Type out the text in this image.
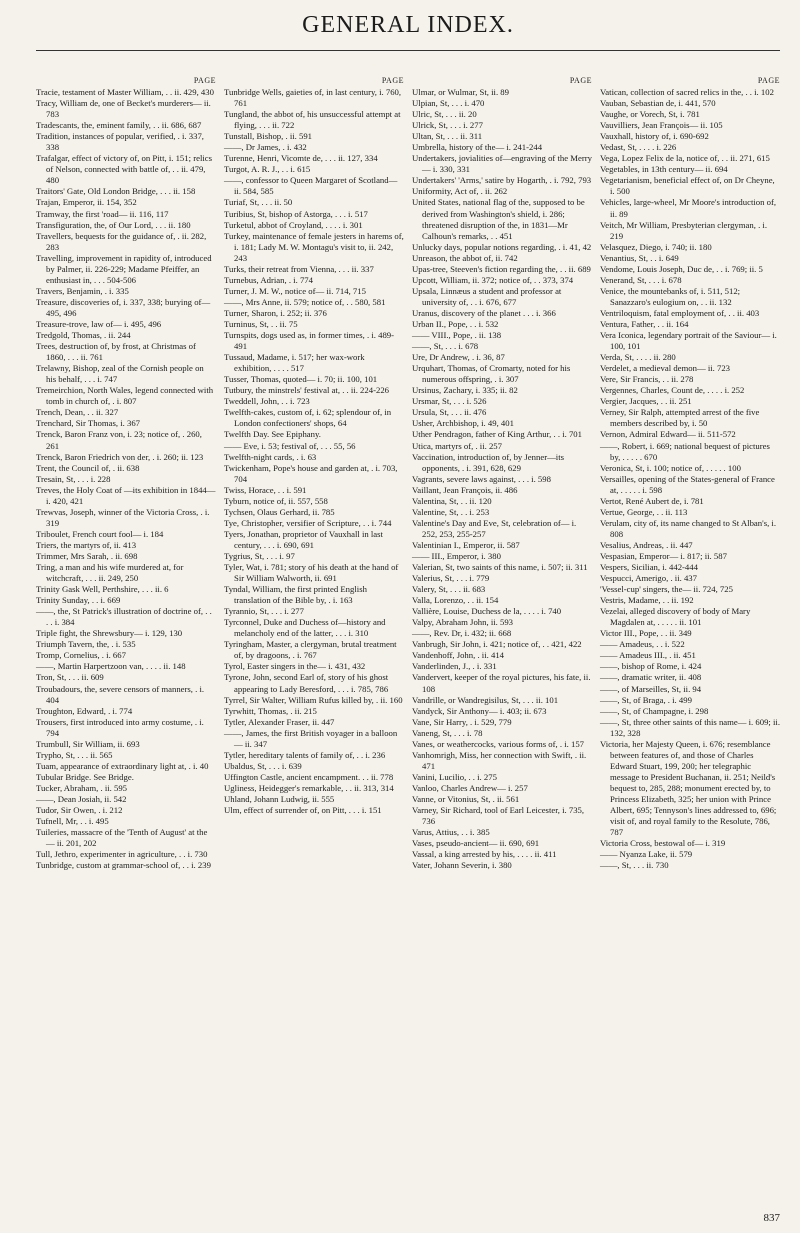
GENERAL INDEX.
PAGE
Tracie, testament of Master William, . . ii. 429, 430
Tracy, William de, one of Becket's murderers— ii. 783
Tradescants, the, eminent family, . . ii. 686, 687
Tradition, instances of popular, verified, . i. 337, 338
Trafalgar, effect of victory of, on Pitt, i. 151; relics of Nelson, connected with battle of, . . ii. 479, 480
Traitors' Gate, Old London Bridge, . . . ii. 158
Trajan, Emperor, ii. 154, 352
Tramway, the first 'road— ii. 116, 117
Transfiguration, the, of Our Lord, . . . ii. 180
Travellers, bequests for the guidance of, . ii. 282, 283
Travelling, improvement in rapidity of, introduced by Palmer, ii. 226-229; Madame Pfeiffer, an enthusiast in, . . . 504-506
Travers, Benjamin, . i. 335
Treasure, discoveries of, i. 337, 338; burying of— 495, 496
Treasure-trove, law of— i. 495, 496
Tredgold, Thomas, . ii. 244
Trees, destruction of, by frost, at Christmas of 1860, . . . ii. 761
Trelawny, Bishop, zeal of the Cornish people on his behalf, . . . i. 747
Tremeirchion, North Wales, legend connected with tomb in church of, . i. 807
Trench, Dean, . . ii. 327
Trenchard, Sir Thomas, i. 367
Trenck, Baron Franz von, i. 23; notice of, . 260, 261
Trenck, Baron Friedrich von der, . i. 260; ii. 123
Trent, the Council of, . ii. 638
Tresain, St, . . . i. 228
Treves, the Holy Coat of —its exhibition in 1844— i. 420, 421
Trewvas, Joseph, winner of the Victoria Cross, . i. 319
Triboulet, French court fool— i. 184
Triers, the martyrs of, ii. 413
Trimmer, Mrs Sarah, . ii. 698
Tring, a man and his wife murdered at, for witchcraft, . . . ii. 249, 250
Trinity Gask Well, Perthshire, . . . ii. 6
Trinity Sunday, . . i. 669
——, the, St Patrick's illustration of doctrine of, . . . . i. 384
Triple fight, the Shrewsbury— i. 129, 130
Triumph Tavern, the, . i. 535
Tromp, Cornelius, . i. 667
——, Martin Harpertzoon van, . . . . ii. 148
Tron, St, . . . ii. 609
Troubadours, the, severe censors of manners, . i. 404
Troughton, Edward, . i. 774
Trousers, first introduced into army costume, . i. 794
Trumbull, Sir William, ii. 693
Trypho, St, . . . ii. 565
Tuam, appearance of extraordinary light at, . i. 40
Tubular Bridge. See Bridge.
Tucker, Abraham, . ii. 595
——, Dean Josiah, ii. 542
Tudor, Sir Owen, . i. 212
Tufnell, Mr, . . i. 495
Tuileries, massacre of the 'Tenth of August' at the— ii. 201, 202
Tull, Jethro, experimenter in agriculture, . . i. 730
Tunbridge, custom at grammar-school of, . . i. 239
PAGE
Tunbridge Wells, gaieties of, in last century, i. 760, 761
Tungland, the abbot of, his unsuccessful attempt at flying, . . . ii. 722
Tunstall, Bishop, . ii. 591
——, Dr James, . i. 432
Turenne, Henri, Vicomte de, . . . ii. 127, 334
Turgot, A. R. J., . . i. 615
——, confessor to Queen Margaret of Scotland— ii. 584, 585
Turiaf, St, . . . ii. 50
Turibius, St, bishop of Astorga, . . . i. 517
Turketul, abbot of Croyland, . . . . i. 301
Turkey, maintenance of female jesters in harems of, i. 181; Lady M. W. Montagu's visit to, ii. 242, 243
Turks, their retreat from Vienna, . . . ii. 337
Turnebus, Adrian, . i. 774
Turner, J. M. W., notice of— ii. 714, 715
——, Mrs Anne, ii. 579; notice of, . . 580, 581
Turner, Sharon, i. 252; ii. 376
Turninus, St, . . ii. 75
Turnspits, dogs used as, in former times, . i. 489-491
Tussaud, Madame, i. 517; her wax-work exhibition, . . . . 517
Tusser, Thomas, quoted— i. 70; ii. 100, 101
Tutbury, the minstrels' festival at, . . ii. 224-226
Tweddell, John, . . i. 723
Twelfth-cakes, custom of, i. 62; splendour of, in London confectioners' shops, 64
Twelfth Day. See Epiphany.
—— Eve, i. 53; festival of, . . . 55, 56
Twelfth-night cards, . i. 63
Twickenham, Pope's house and garden at, . i. 703, 704
Twiss, Horace, . . i. 591
Tyburn, notice of, ii. 557, 558
Tychsen, Olaus Gerhard, ii. 785
Tye, Christopher, versifier of Scripture, . . i. 744
Tyers, Jonathan, proprietor of Vauxhall in last century, . . . i. 690, 691
Tygrius, St, . . . i. 97
Tyler, Wat, i. 781; story of his death at the hand of Sir William Walworth, ii. 691
Tyndal, William, the first printed English translation of the Bible by, . i. 163
Tyrannio, St, . . . i. 277
Tyrconnel, Duke and Duchess of—history and melancholy end of the latter, . . . i. 310
Tyringham, Master, a clergyman, brutal treatment of, by dragoons, . i. 767
Tyrol, Easter singers in the— i. 431, 432
Tyrone, John, second Earl of, story of his ghost appearing to Lady Beresford, . . . i. 785, 786
Tyrrel, Sir Walter, William Rufus killed by, . ii. 160
Tyrwhitt, Thomas, . ii. 215
Tytler, Alexander Fraser, ii. 447
——, James, the first British voyager in a balloon— ii. 347
Tytler, hereditary talents of family of, . . i. 236
Ubaldus, St, . . . i. 639
Uffington Castle, ancient encampment. . . ii. 778
Ugliness, Heidegger's remarkable, . . ii. 313, 314
Uhland, Johann Ludwig, ii. 555
Ulm, effect of surrender of, on Pitt, . . . i. 151
PAGE
Ulmar, or Wulmar, St, ii. 89
Ulpian, St, . . . i. 470
Ulric, St, . . . ii. 20
Ulrick, St, . . . i. 277
Ultan, St, . . . ii. 311
Umbrella, history of the— i. 241-244
Undertakers, jovialities of—engraving of the Merry— i. 330, 331
Undertakers' 'Arms,' satire by Hogarth, . i. 792, 793
Uniformity, Act of, . ii. 262
United States, national flag of the, supposed to be derived from Washington's shield, i. 286; threatened disruption of the, in 1831—Mr Calhoun's remarks, . . 451
Unlucky days, popular notions regarding, . i. 41, 42
Unreason, the abbot of, ii. 742
Upas-tree, Steeven's fiction regarding the, . . ii. 689
Upcott, William, ii. 372; notice of, . . 373, 374
Upsala, Linnæus a student and professor at university of, . . i. 676, 677
Uranus, discovery of the planet . . . i. 366
Urban II., Pope, . . i. 532
—— VIII., Pope, . ii. 138
——, St, . . . i. 678
Ure, Dr Andrew, . i. 36, 87
Urquhart, Thomas, of Cromarty, noted for his numerous offspring, . i. 307
Ursinus, Zachary, i. 335; ii. 82
Ursmar, St, . . . i. 526
Ursula, St, . . . ii. 476
Usher, Archbishop, i. 49, 401
Uther Pendragon, father of King Arthur, . . i. 701
Utica, martyrs of, . ii. 257
Vaccination, introduction of, by Jenner—its opponents, . i. 391, 628, 629
Vagrants, severe laws against, . . . i. 598
Vaillant, Jean François, ii. 486
Valentina, St, . . ii. 120
Valentine, St, . . i. 253
Valentine's Day and Eve, St, celebration of— i. 252, 253, 255-257
Valentinian I., Emperor, ii. 587
—— III., Emperor, i. 380
Valerian, St, two saints of this name, i. 507; ii. 311
Valerius, St, . . . i. 779
Valery, St, . . . ii. 683
Valla, Lorenzo, . . ii. 154
Vallière, Louise, Duchess de la, . . . . i. 740
Valpy, Abraham John, ii. 593
——, Rev. Dr, i. 432; ii. 668
Vanbrugh, Sir John, i. 421; notice of, . . 421, 422
Vandenhoff, John, . ii. 414
Vanderlinden, J., . i. 331
Vandervert, keeper of the royal pictures, his fate, ii. 108
Vandrille, or Wandregisilus, St, . . . ii. 101
Vandyck, Sir Anthony— i. 403; ii. 673
Vane, Sir Harry, . i. 529, 779
Vaneng, St, . . . i. 78
Vanes, or weathercocks, various forms of, . i. 157
Vanhomrigh, Miss, her connection with Swift, . ii. 471
Vanini, Lucilio, . . i. 275
Vanloo, Charles Andrew— i. 257
Vanne, or Vitonius, St, . ii. 561
Varney, Sir Richard, tool of Earl Leicester, i. 735, 736
Varus, Attius, . . i. 385
Vases, pseudo-ancient— ii. 690, 691
Vassal, a king arrested by his, . . . . ii. 411
Vater, Johann Severin, i. 380
PAGE
Vatican, collection of sacred relics in the, . . i. 102
Vauban, Sebastian de, i. 441, 570
Vaughe, or Vorech, St, i. 781
Vauvilliers, Jean François— ii. 105
Vauxhall, history of, i. 690-692
Vedast, St, . . . . i. 226
Vega, Lopez Felix de la, notice of, . . ii. 271, 615
Vegetables, in 13th century— ii. 694
Vegetarianism, beneficial effect of, on Dr Cheyne, i. 500
Vehicles, large-wheel, Mr Moore's introduction of, ii. 89
Veitch, Mr William, Presbyterian clergyman, . i. 219
Velasquez, Diego, i. 740; ii. 180
Venantius, St, . . i. 649
Vendome, Louis Joseph, Duc de, . . i. 769; ii. 5
Venerand, St, . . . i. 678
Venice, the mountebanks of, i. 511, 512; Sanazzaro's eulogium on, . . ii. 132
Ventriloquism, fatal employment of, . . ii. 403
Ventura, Father, . . ii. 164
Vera Iconica, legendary portrait of the Saviour— i. 100, 101
Verda, St, . . . . ii. 280
Verdelet, a medieval demon— ii. 723
Vere, Sir Francis, . . ii. 278
Vergennes, Charles, Count de, . . . . i. 252
Vergier, Jacques, . . ii. 251
Verney, Sir Ralph, attempted arrest of the five members described by, i. 50
Vernon, Admiral Edward— ii. 511-572
——, Robert, i. 669; national bequest of pictures by, . . . . . 670
Veronica, St, i. 100; notice of, . . . . . 100
Versailles, opening of the States-general of France at, . . . . . i. 598
Vertot, René Aubert de, i. 781
Vertue, George, . . ii. 113
Verulam, city of, its name changed to St Alban's, i. 808
Vesalius, Andreas, . ii. 447
Vespasian, Emperor— i. 817; ii. 587
Vespers, Sicilian, i. 442-444
Vespucci, Amerigo, . ii. 437
'Vessel-cup' singers, the— ii. 724, 725
Vestris, Madame, . . ii. 192
Vezelai, alleged discovery of body of Mary Magdalen at, . . . . . ii. 101
Victor III., Pope, . . ii. 349
—— Amadeus, . . i. 522
—— Amadeus III., . ii. 451
——, bishop of Rome, i. 424
——, dramatic writer, ii. 408
——, of Marseilles, St, ii. 94
——, St, of Braga, . i. 499
——, St, of Champagne, i. 298
——, St, three other saints of this name— i. 609; ii. 132, 328
Victoria, her Majesty Queen, i. 676; resemblance between features of, and those of Charles Edward Stuart, 199, 200; her telegraphic message to President Buchanan, ii. 251; Neild's bequest to, 285, 288; monument erected by, to Princess Elizabeth, 325; her union with Prince Albert, 695; Tennyson's lines addressed to, 696; visit of, and royal family to the Resolute, 786, 787
Victoria Cross, bestowal of— i. 319
—— Nyanza Lake, ii. 579
——, St, . . . ii. 730
837
